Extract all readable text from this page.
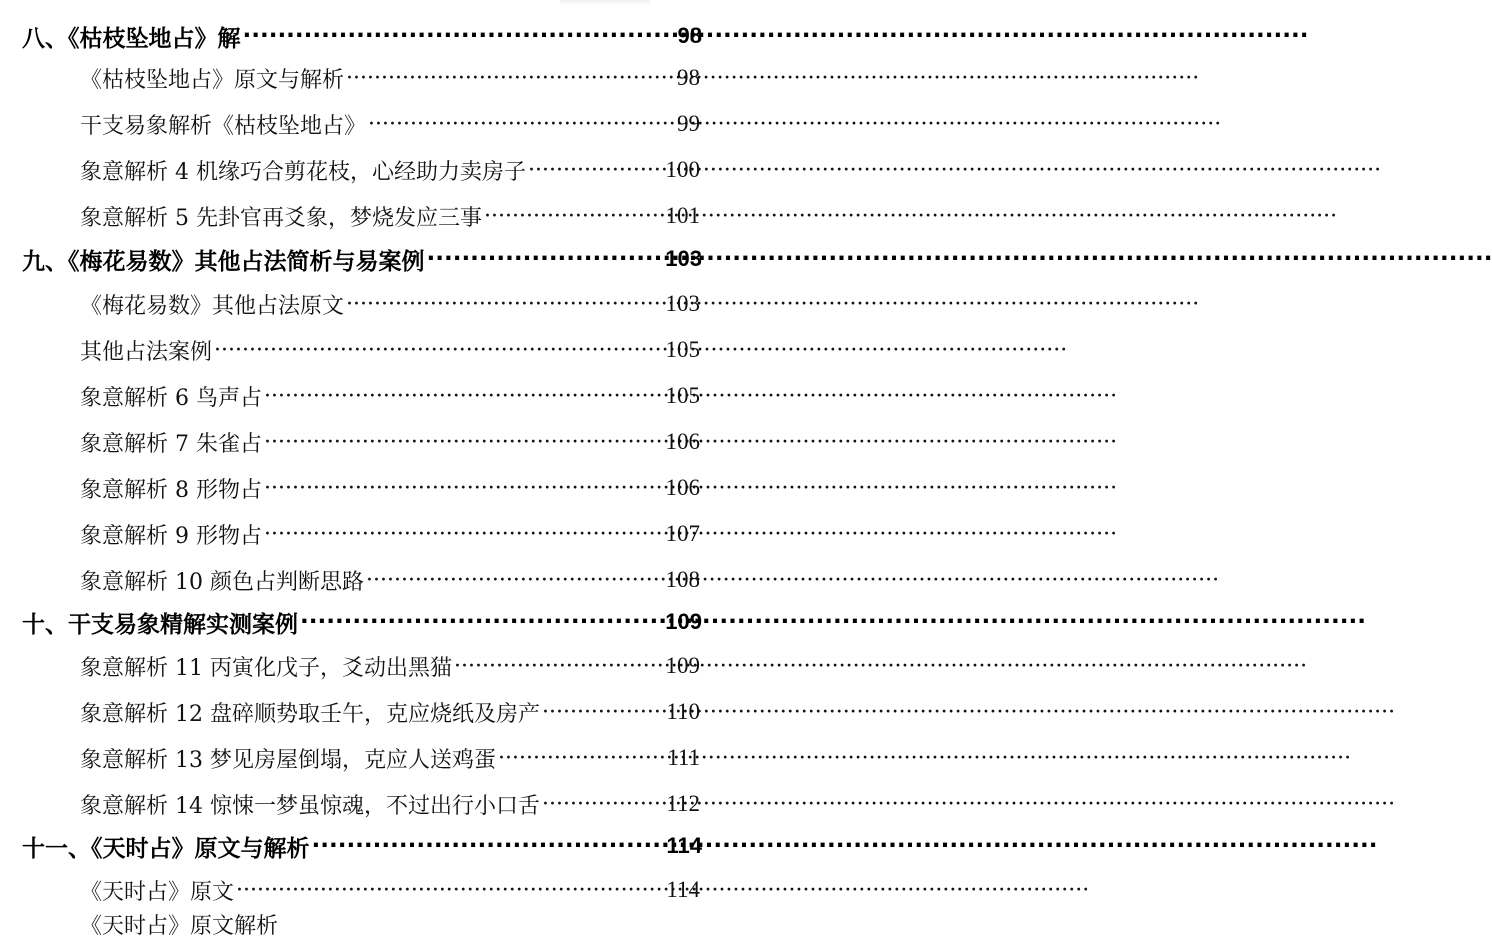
八、《枯枝坠地占》解 ·····	98
《枯枝坠地占》原文与解析 ·····	98
干支易象解析《枯枝坠地占》 ·····	99
象意解析 4 机缘巧合剪花枝，心经助力卖房子 ·····	100
象意解析 5 先卦官再爻象，梦烧发应三事 ·····	101
九、《梅花易数》其他占法简析与易案例 ·····	103
《梅花易数》其他占法原文 ·····	103
其他占法案例 ·····	105
象意解析 6 鸟声占 ·····	105
象意解析 7 朱雀占 ·····	106
象意解析 8 形物占 ·····	106
象意解析 9 形物占 ·····	107
象意解析 10 颜色占判断思路 ·····	108
十、干支易象精解实测案例 ·····	109
象意解析 11 丙寅化戊子，爻动出黑猫 ·····	109
象意解析 12 盘碎顺势取壬午，克应烧纸及房产 ·····	110
象意解析 13 梦见房屋倒塌，克应人送鸡蛋 ·····	111
象意解析 14 惊悚一梦虽惊魂，不过出行小口舌 ·····	112
十一、《天时占》原文与解析 ·····	114
《天时占》原文 ·····	114
《天时占》原文解析
